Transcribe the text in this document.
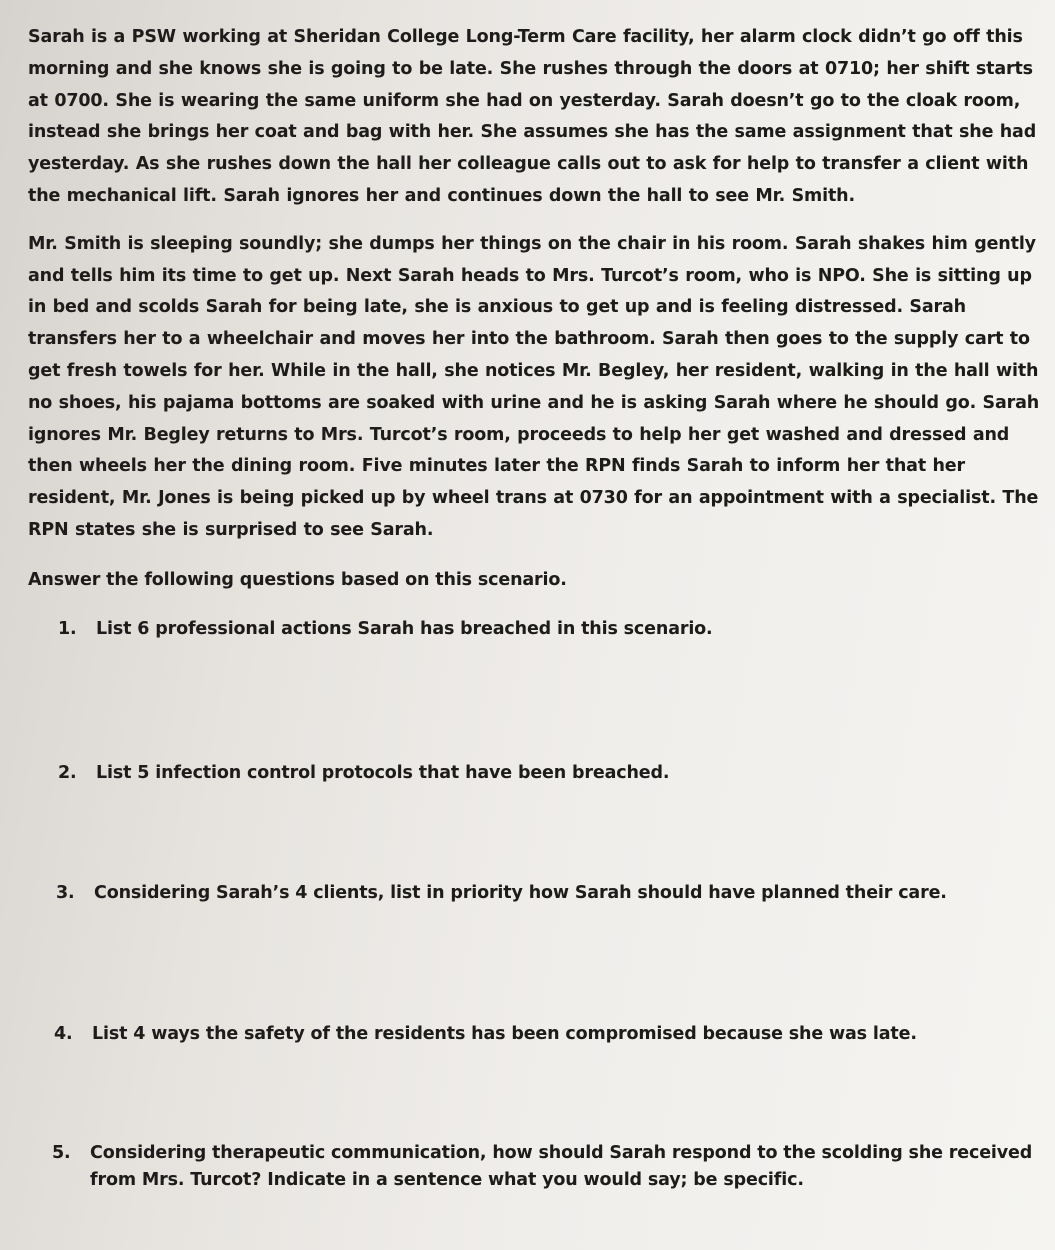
Sarah is a PSW working at Sheridan College Long-Term Care facility, her alarm clock didn’t go off this morning and she knows she is going to be late. She rushes through the doors at 0710; her shift starts at 0700. She is wearing the same uniform she had on yesterday. Sarah doesn’t go to the cloak room, instead she brings her coat and bag with her. She assumes she has the same assignment that she had yesterday. As she rushes down the hall her colleague calls out to ask for help to transfer a client with the mechanical lift. Sarah ignores her and continues down the hall to see Mr. Smith.

Mr. Smith is sleeping soundly; she dumps her things on the chair in his room. Sarah shakes him gently and tells him its time to get up. Next Sarah heads to Mrs. Turcot’s room, who is NPO. She is sitting up in bed and scolds Sarah for being late, she is anxious to get up and is feeling distressed. Sarah transfers her to a wheelchair and moves her into the bathroom. Sarah then goes to the supply cart to get fresh towels for her. While in the hall, she notices Mr. Begley, her resident, walking in the hall with no shoes, his pajama bottoms are soaked with urine and he is asking Sarah where he should go. Sarah ignores Mr. Begley returns to Mrs. Turcot’s room, proceeds to help her get washed and dressed and then wheels her the dining room. Five minutes later the RPN finds Sarah to inform her that her resident, Mr. Jones is being picked up by wheel trans at 0730 for an appointment with a specialist. The RPN states she is surprised to see Sarah.

Answer the following questions based on this scenario.

1.	List 6 professional actions Sarah has breached in this scenario.
2.	List 5 infection control protocols that have been breached.
3.	Considering Sarah’s 4 clients, list in priority how Sarah should have planned their care.
4.	List 4 ways the safety of the residents has been compromised because she was late.
5.	Considering therapeutic communication, how should Sarah respond to the scolding she received from Mrs. Turcot? Indicate in a sentence what you would say; be specific.
